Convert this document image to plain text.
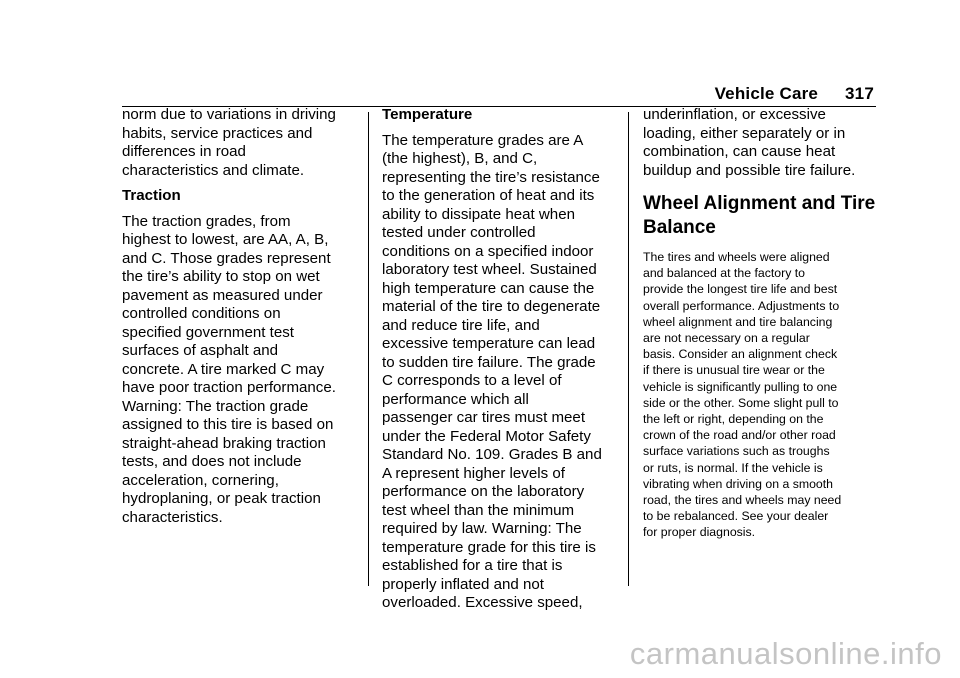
Vehicle Care 317

norm due to variations in driving
habits, service practices and
differences in road
characteristics and climate.

Traction

The traction grades, from
highest to lowest, are AA, A, B,
and C. Those grades represent
the tire’s ability to stop on wet
pavement as measured under
controlled conditions on
specified government test
surfaces of asphalt and
concrete. A tire marked C may
have poor traction performance.
Warning: The traction grade
assigned to this tire is based on
straight-ahead braking traction
tests, and does not include
acceleration, cornering,
hydroplaning, or peak traction
characteristics.

Temperature

The temperature grades are A
(the highest), B, and C,
representing the tire’s resistance
to the generation of heat and its
ability to dissipate heat when
tested under controlled
conditions on a specified indoor
laboratory test wheel. Sustained
high temperature can cause the
material of the tire to degenerate
and reduce tire life, and
excessive temperature can lead
to sudden tire failure. The grade
C corresponds to a level of
performance which all
passenger car tires must meet
under the Federal Motor Safety
Standard No. 109. Grades B and
A represent higher levels of
performance on the laboratory
test wheel than the minimum
required by law. Warning: The
temperature grade for this tire is
established for a tire that is
properly inflated and not
overloaded. Excessive speed,

underinflation, or excessive
loading, either separately or in
combination, can cause heat
buildup and possible tire failure.

Wheel Alignment and Tire
Balance

The tires and wheels were aligned
and balanced at the factory to
provide the longest tire life and best
overall performance. Adjustments to
wheel alignment and tire balancing
are not necessary on a regular
basis. Consider an alignment check
if there is unusual tire wear or the
vehicle is significantly pulling to one
side or the other. Some slight pull to
the left or right, depending on the
crown of the road and/or other road
surface variations such as troughs
or ruts, is normal. If the vehicle is
vibrating when driving on a smooth
road, the tires and wheels may need
to be rebalanced. See your dealer
for proper diagnosis.

carmanualsonline.info
